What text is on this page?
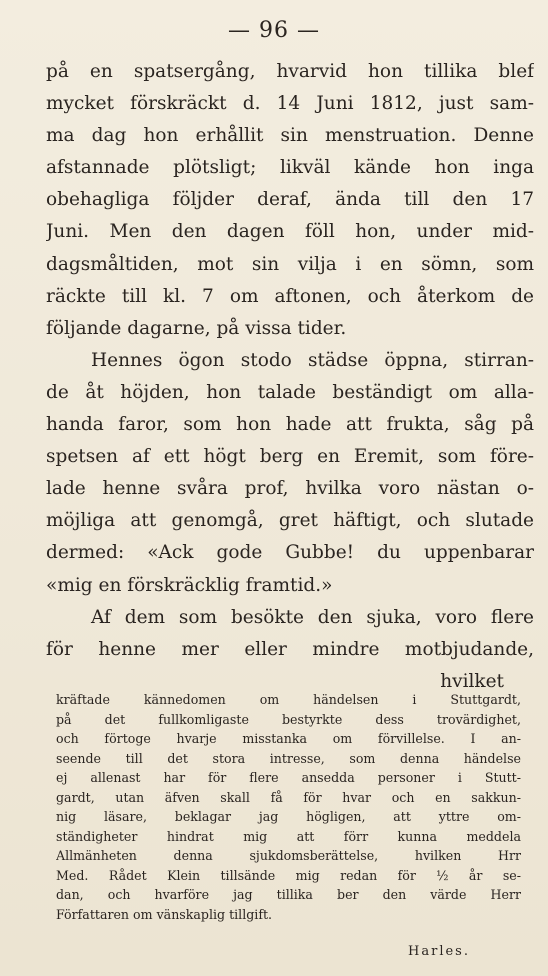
— 96 —
på en spatsergång, hvarvid hon tillika blef
mycket förskräckt d. 14 Juni 1812, just sam-
ma dag hon erhållit sin menstruation. Denne
afstannade plötsligt; likväl kände hon inga
obehagliga följder deraf, ända till den 17
Juni. Men den dagen föll hon, under mid-
dagsmåltiden, mot sin vilja i en sömn, som
räckte till kl. 7 om aftonen, och återkom de
följande dagarne, på vissa tider.
Hennes ögon stodo städse öppna, stirran-
de åt höjden, hon talade beständigt om alla-
handa faror, som hon hade att frukta, såg på
spetsen af ett högt berg en Eremit, som före-
lade henne svåra prof, hvilka voro nästan o-
möjliga att genomgå, gret häftigt, och slutade
dermed: «Ack gode Gubbe! du uppenbarar
«mig en förskräcklig framtid.»
Af dem som besökte den sjuka, voro flere
för henne mer eller mindre motbjudande,
hvilket
kräftade kännedomen om händelsen i Stuttgardt,
på det fullkomligaste bestyrkte dess trovärdighet,
och förtoge hvarje misstanka om förvillelse. I an-
seende till det stora intresse, som denna händelse
ej allenast har för flere ansedda personer i Stutt-
gardt, utan äfven skall få för hvar och en sakkun-
nig läsare, beklagar jag högligen, att yttre om-
ständigheter hindrat mig att förr kunna meddela
Allmänheten denna sjukdomsberättelse, hvilken Hrr
Med. Rådet Klein tillsände mig redan för ½ år se-
dan, och hvarföre jag tillika ber den värde Herr
Författaren om vänskaplig tillgift.
Harles.
